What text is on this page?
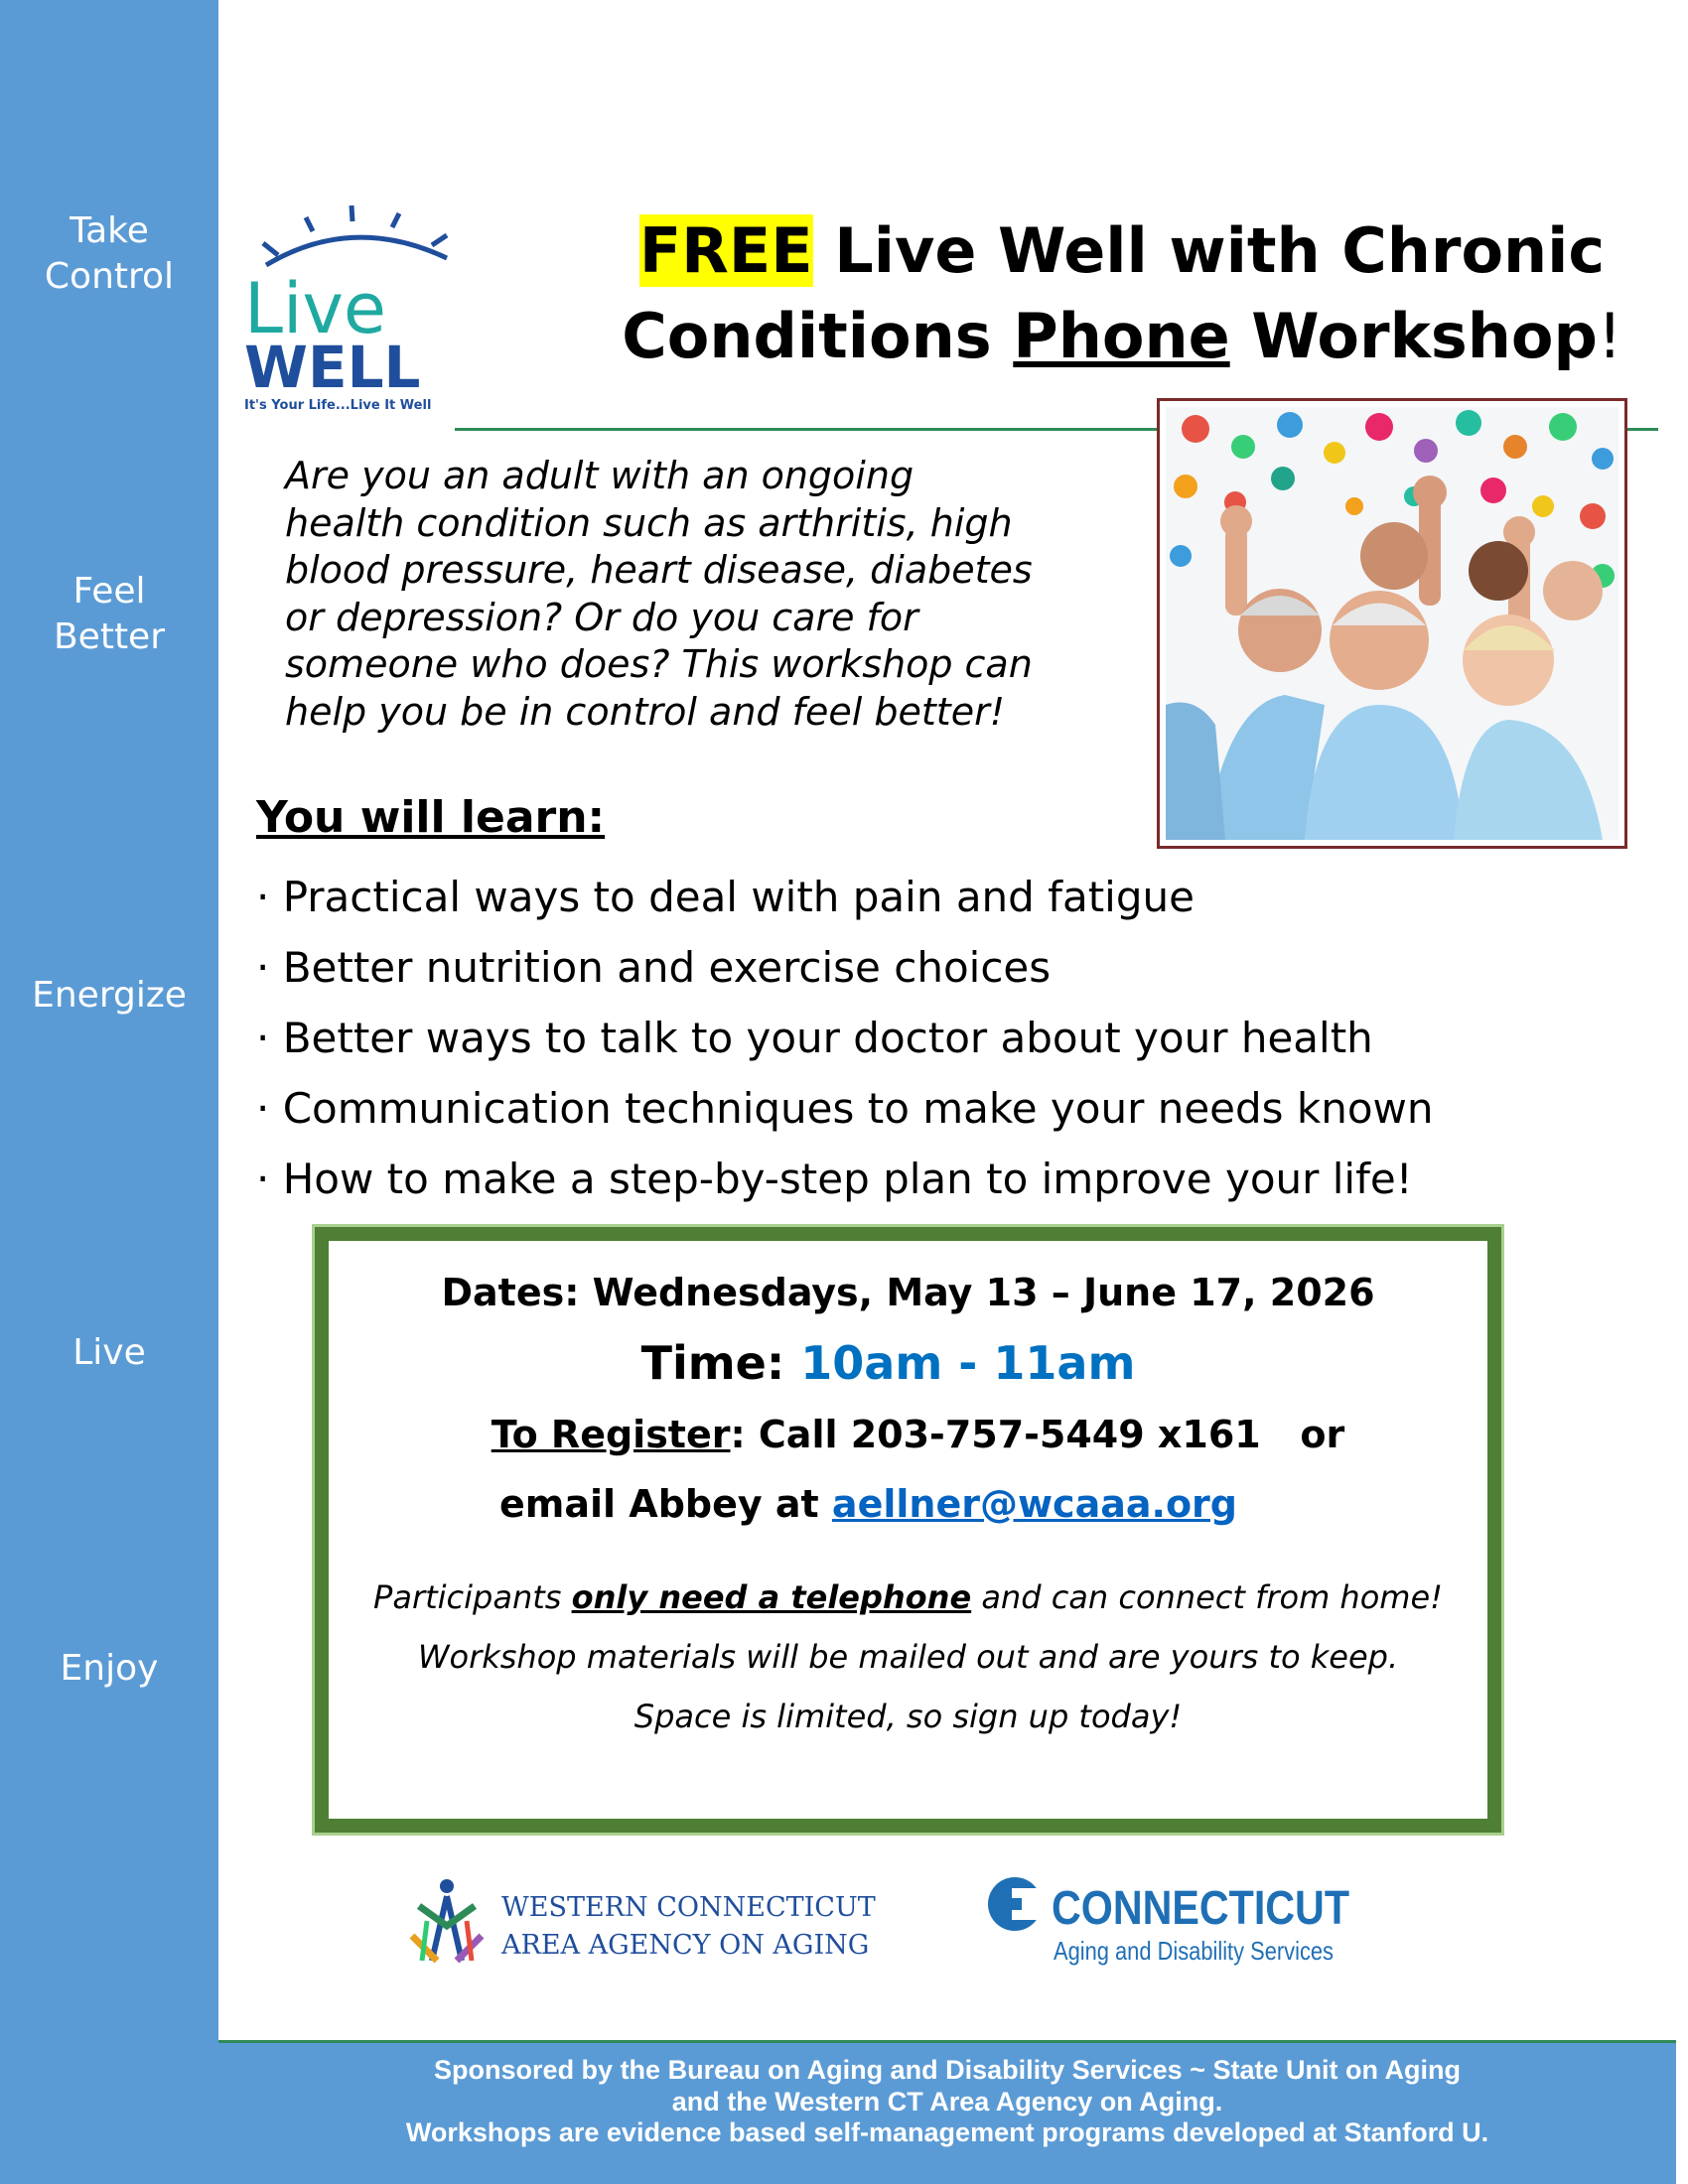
Take
Control
Feel
Better
Energize
Live
Enjoy
Live
WELL
It's Your Life...Live It Well
FREE Live Well with Chronic
Conditions Phone Workshop!
Are you an adult with an ongoing
health condition such as arthritis, high
blood pressure, heart disease, diabetes
or depression? Or do you care for
someone who does? This workshop can
help you be in control and feel better!
You will learn:
· Practical ways to deal with pain and fatigue
· Better nutrition and exercise choices
· Better ways to talk to your doctor about your health
· Communication techniques to make your needs known
· How to make a step-by-step plan to improve your life!
Dates: Wednesdays, May 13 – June 17, 2026
Time: 10am - 11am
To Register: Call 203-757-5449 x161   or
email Abbey at aellner@wcaaa.org
Participants only need a telephone and can connect from home!
Workshop materials will be mailed out and are yours to keep.
Space is limited, so sign up today!
WESTERN CONNECTICUT
AREA AGENCY ON AGING
CONNECTICUT
Aging and Disability Services
Sponsored by the Bureau on Aging and Disability Services ~ State Unit on Aging
and the Western CT Area Agency on Aging.
Workshops are evidence based self-management programs developed at Stanford U.
